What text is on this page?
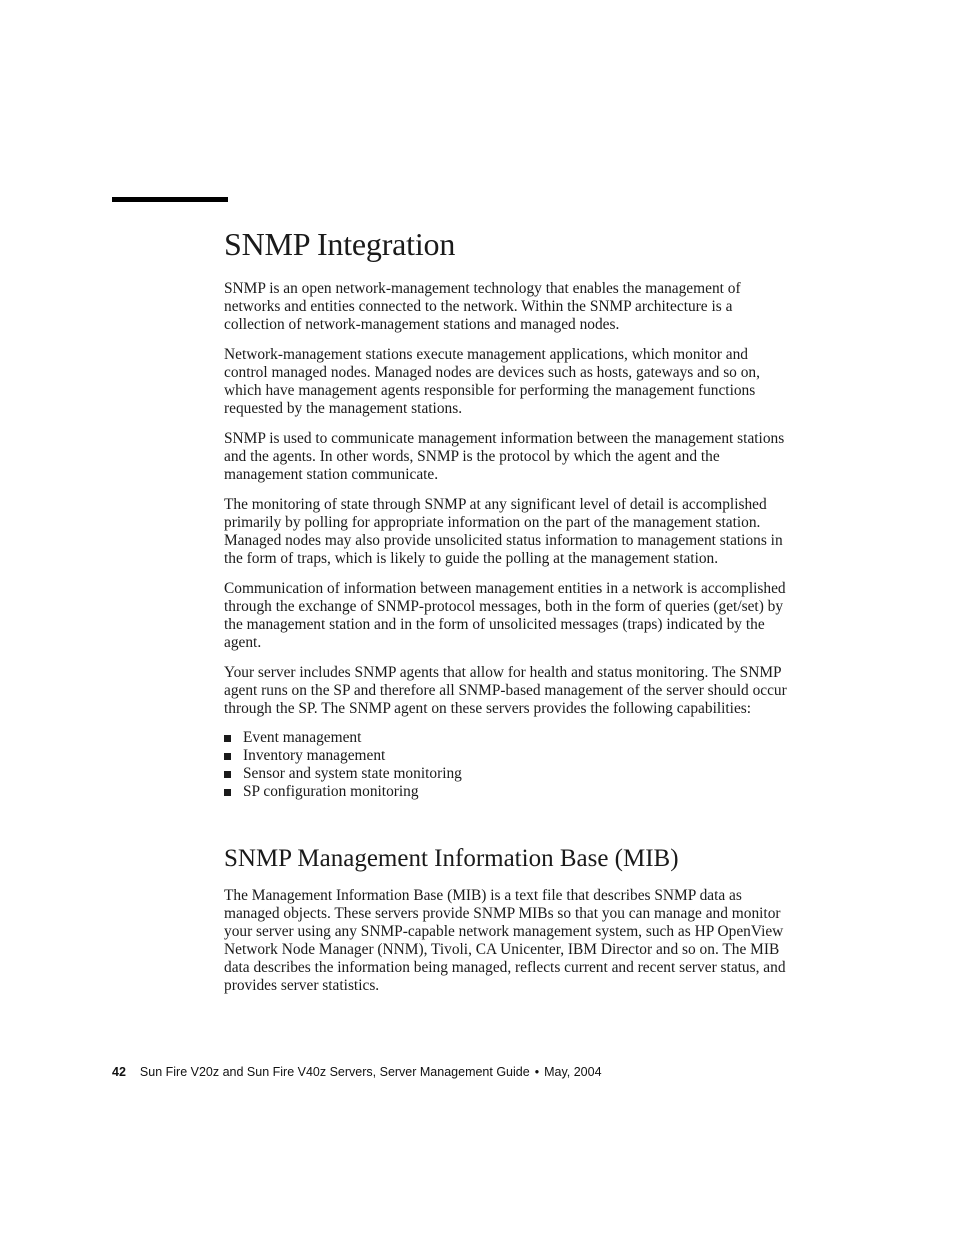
SNMP Integration

SNMP is an open network-management technology that enables the management of networks and entities connected to the network. Within the SNMP architecture is a collection of network-management stations and managed nodes.

Network-management stations execute management applications, which monitor and control managed nodes. Managed nodes are devices such as hosts, gateways and so on, which have management agents responsible for performing the management functions requested by the management stations.

SNMP is used to communicate management information between the management stations and the agents. In other words, SNMP is the protocol by which the agent and the management station communicate.

The monitoring of state through SNMP at any significant level of detail is accomplished primarily by polling for appropriate information on the part of the management station. Managed nodes may also provide unsolicited status information to management stations in the form of traps, which is likely to guide the polling at the management station.

Communication of information between management entities in a network is accomplished through the exchange of SNMP-protocol messages, both in the form of queries (get/set) by the management station and in the form of unsolicited messages (traps) indicated by the agent.

Your server includes SNMP agents that allow for health and status monitoring. The SNMP agent runs on the SP and therefore all SNMP-based management of the server should occur through the SP. The SNMP agent on these servers provides the following capabilities:

Event management
Inventory management
Sensor and system state monitoring
SP configuration monitoring
SNMP Management Information Base (MIB)

The Management Information Base (MIB) is a text file that describes SNMP data as managed objects. These servers provide SNMP MIBs so that you can manage and monitor your server using any SNMP-capable network management system, such as HP OpenView Network Node Manager (NNM), Tivoli, CA Unicenter, IBM Director and so on. The MIB data describes the information being managed, reflects current and recent server status, and provides server statistics.

42 Sun Fire V20z and Sun Fire V40z Servers, Server Management Guide • May, 2004
